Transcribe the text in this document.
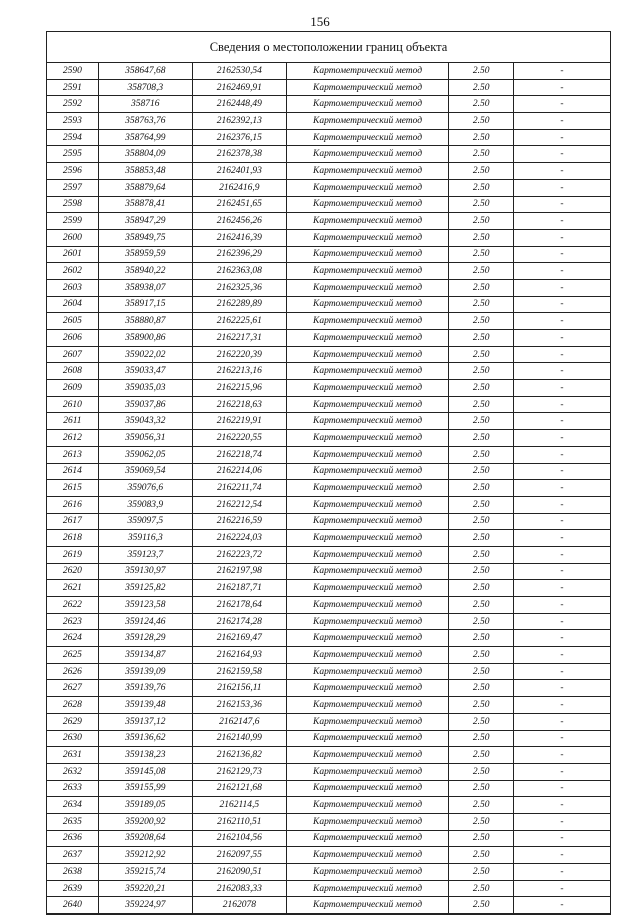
156
Сведения о местоположении границ объекта
2590	358647,68	2162530,54	Картометрический метод	2.50	-
2591	358708,3	2162469,91	Картометрический метод	2.50	-
2592	358716	2162448,49	Картометрический метод	2.50	-
2593	358763,76	2162392,13	Картометрический метод	2.50	-
2594	358764,99	2162376,15	Картометрический метод	2.50	-
2595	358804,09	2162378,38	Картометрический метод	2.50	-
2596	358853,48	2162401,93	Картометрический метод	2.50	-
2597	358879,64	2162416,9	Картометрический метод	2.50	-
2598	358878,41	2162451,65	Картометрический метод	2.50	-
2599	358947,29	2162456,26	Картометрический метод	2.50	-
2600	358949,75	2162416,39	Картометрический метод	2.50	-
2601	358959,59	2162396,29	Картометрический метод	2.50	-
2602	358940,22	2162363,08	Картометрический метод	2.50	-
2603	358938,07	2162325,36	Картометрический метод	2.50	-
2604	358917,15	2162289,89	Картометрический метод	2.50	-
2605	358880,87	2162225,61	Картометрический метод	2.50	-
2606	358900,86	2162217,31	Картометрический метод	2.50	-
2607	359022,02	2162220,39	Картометрический метод	2.50	-
2608	359033,47	2162213,16	Картометрический метод	2.50	-
2609	359035,03	2162215,96	Картометрический метод	2.50	-
2610	359037,86	2162218,63	Картометрический метод	2.50	-
2611	359043,32	2162219,91	Картометрический метод	2.50	-
2612	359056,31	2162220,55	Картометрический метод	2.50	-
2613	359062,05	2162218,74	Картометрический метод	2.50	-
2614	359069,54	2162214,06	Картометрический метод	2.50	-
2615	359076,6	2162211,74	Картометрический метод	2.50	-
2616	359083,9	2162212,54	Картометрический метод	2.50	-
2617	359097,5	2162216,59	Картометрический метод	2.50	-
2618	359116,3	2162224,03	Картометрический метод	2.50	-
2619	359123,7	2162223,72	Картометрический метод	2.50	-
2620	359130,97	2162197,98	Картометрический метод	2.50	-
2621	359125,82	2162187,71	Картометрический метод	2.50	-
2622	359123,58	2162178,64	Картометрический метод	2.50	-
2623	359124,46	2162174,28	Картометрический метод	2.50	-
2624	359128,29	2162169,47	Картометрический метод	2.50	-
2625	359134,87	2162164,93	Картометрический метод	2.50	-
2626	359139,09	2162159,58	Картометрический метод	2.50	-
2627	359139,76	2162156,11	Картометрический метод	2.50	-
2628	359139,48	2162153,36	Картометрический метод	2.50	-
2629	359137,12	2162147,6	Картометрический метод	2.50	-
2630	359136,62	2162140,99	Картометрический метод	2.50	-
2631	359138,23	2162136,82	Картометрический метод	2.50	-
2632	359145,08	2162129,73	Картометрический метод	2.50	-
2633	359155,99	2162121,68	Картометрический метод	2.50	-
2634	359189,05	2162114,5	Картометрический метод	2.50	-
2635	359200,92	2162110,51	Картометрический метод	2.50	-
2636	359208,64	2162104,56	Картометрический метод	2.50	-
2637	359212,92	2162097,55	Картометрический метод	2.50	-
2638	359215,74	2162090,51	Картометрический метод	2.50	-
2639	359220,21	2162083,33	Картометрический метод	2.50	-
2640	359224,97	2162078	Картометрический метод	2.50	-
